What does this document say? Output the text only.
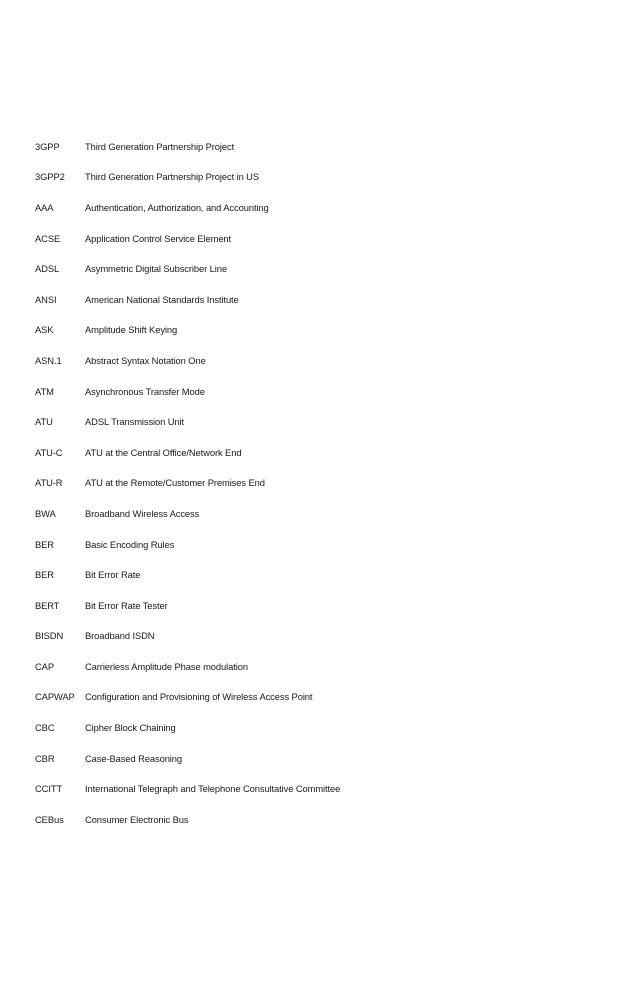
3GPP	Third Generation Partnership Project
3GPP2	Third Generation Partnership Project in US
AAA	Authentication, Authorization, and Accounting
ACSE	Application Control Service Element
ADSL	Asymmetric Digital Subscriber Line
ANSI	American National Standards Institute
ASK	Amplitude Shift Keying
ASN.1	Abstract Syntax Notation One
ATM	Asynchronous Transfer Mode
ATU	ADSL Transmission Unit
ATU-C	ATU at the Central Office/Network End
ATU-R	ATU at the Remote/Customer Premises End
BWA	Broadband Wireless Access
BER	Basic Encoding Rules
BER	Bit Error Rate
BERT	Bit Error Rate Tester
BISDN	Broadband ISDN
CAP	Carrierless Amplitude Phase modulation
CAPWAP	Configuration and Provisioning of Wireless Access Point
CBC	Cipher Block Chaining
CBR	Case-Based Reasoning
CCITT	International Telegraph and Telephone Consultative Committee
CEBus	Consumer Electronic Bus
